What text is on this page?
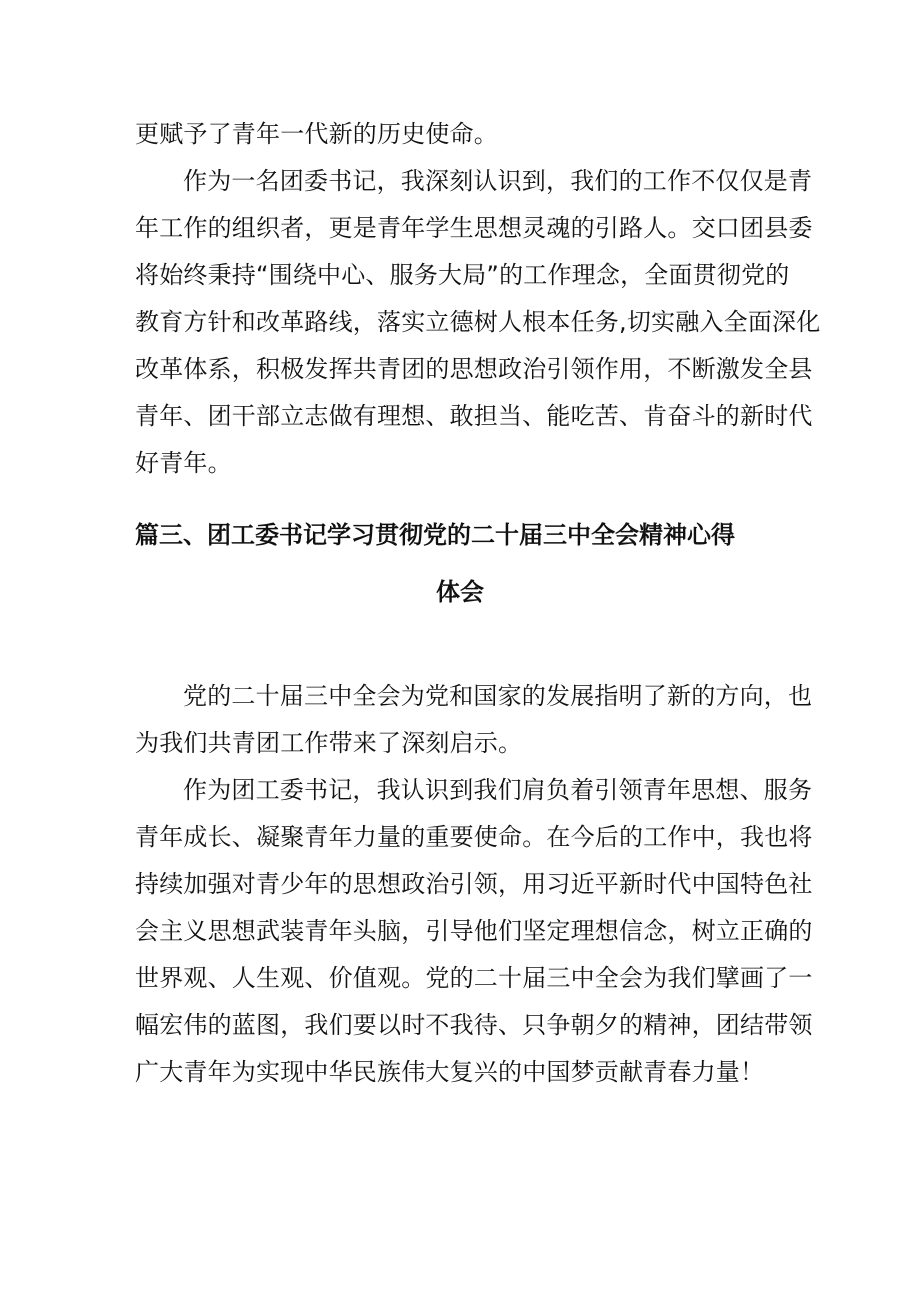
更赋予了青年一代新的历史使命。
作为一名团委书记，我深刻认识到，我们的工作不仅仅是青
年工作的组织者，更是青年学生思想灵魂的引路人。交口团县委
将始终秉持“围绕中心、服务大局”的工作理念，全面贯彻党的
教育方针和改革路线，落实立德树人根本任务,切实融入全面深化
改革体系，积极发挥共青团的思想政治引领作用，不断激发全县
青年、团干部立志做有理想、敢担当、能吃苦、肯奋斗的新时代
好青年。
篇三、团工委书记学习贯彻党的二十届三中全会精神心得
体会
党的二十届三中全会为党和国家的发展指明了新的方向，也
为我们共青团工作带来了深刻启示。
作为团工委书记，我认识到我们肩负着引领青年思想、服务
青年成长、凝聚青年力量的重要使命。在今后的工作中，我也将
持续加强对青少年的思想政治引领，用习近平新时代中国特色社
会主义思想武装青年头脑，引导他们坚定理想信念，树立正确的
世界观、人生观、价值观。党的二十届三中全会为我们擘画了一
幅宏伟的蓝图，我们要以时不我待、只争朝夕的精神，团结带领
广大青年为实现中华民族伟大复兴的中国梦贡献青春力量！
